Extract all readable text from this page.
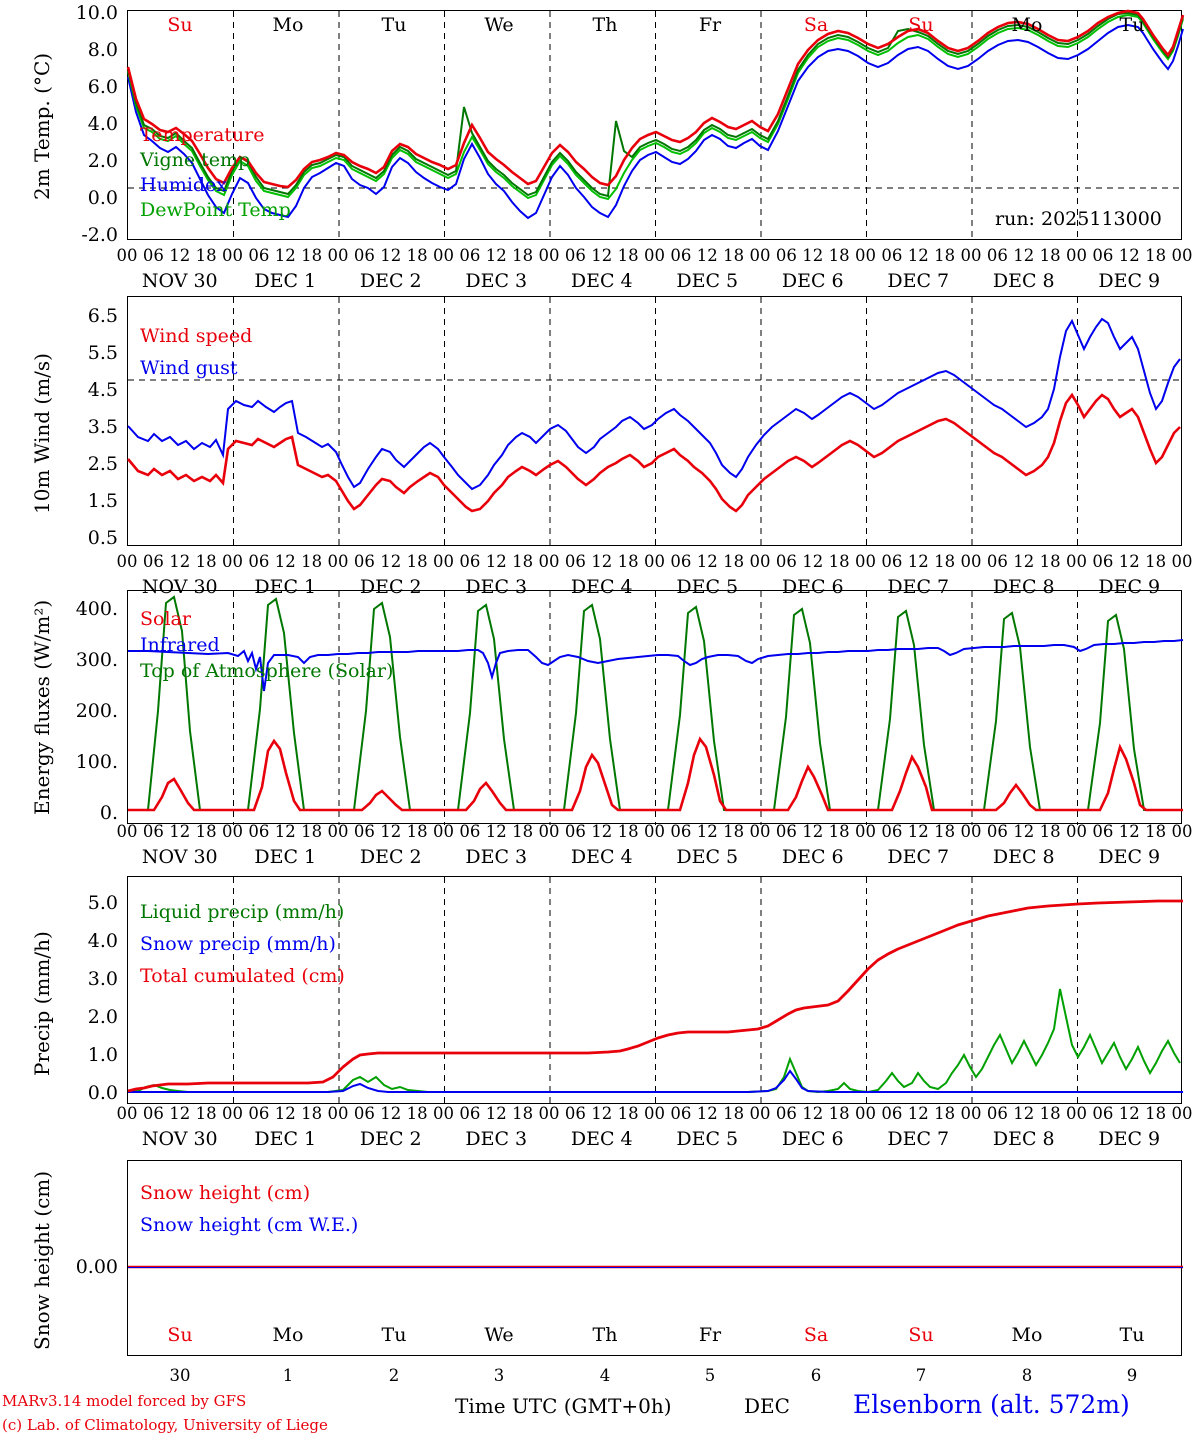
2m Temp. (°C)
10.0
8.0
6.0
4.0
2.0
0.0
-2.0
Su	Mo	Tu	We	Th	Fr	Sa	Su	Mo	Tu
Temperature
Vigne temp
Humidex
DewPoint Temp	run: 2025113000
10m Wind (m/s)
6.5
5.5
4.5
3.5
2.5
1.5
0.5
Wind speed
Wind gust
Energy fluxes (W/m²)	400.
300.
200.
100.
0.
Solar
Infrared
Top of Atmosphere (Solar)
Precip (mm/h)
5.0
4.0
3.0
2.0
1.0
0.0
Liquid precip (mm/h)
Snow precip (mm/h)
Total cumulated (cm)
Snow height (cm)	0.00
Snow height (cm)
Snow height (cm W.E.)
Su	Mo	Tu	We	Th	Fr	Sa	Su	Mo	Tu
30	1	2	3	4	5	6	7	8	9
Time UTC (GMT+0h)	DEC	Elsenborn (alt. 572m)
MARv3.14 model forced by GFS
(c) Lab. of Climatology, University of Liege
00 06 12 18 00 06 12 18 00 06 12 18 00 06 12 18 00 06 12 18 00 06 12 18 00 06 12 18 00 06 12 18 00 06 12 18 00 06 12 18 00
NOV 30	DEC 1	DEC 2	DEC 3	DEC 4	DEC 5	DEC 6	DEC 7	DEC 8	DEC 9
00 06 12 18 00 06 12 18 00 06 12 18 00 06 12 18 00 06 12 18 00 06 12 18 00 06 12 18 00 06 12 18 00 06 12 18 00 06 12 18 00
NOV 30	DEC 1	DEC 2	DEC 3	DEC 4	DEC 5	DEC 6	DEC 7	DEC 8	DEC 9
00 06 12 18 00 06 12 18 00 06 12 18 00 06 12 18 00 06 12 18 00 06 12 18 00 06 12 18 00 06 12 18 00 06 12 18 00 06 12 18 00
NOV 30	DEC 1	DEC 2	DEC 3	DEC 4	DEC 5	DEC 6	DEC 7	DEC 8	DEC 9
00 06 12 18 00 06 12 18 00 06 12 18 00 06 12 18 00 06 12 18 00 06 12 18 00 06 12 18 00 06 12 18 00 06 12 18 00 06 12 18 00
NOV 30	DEC 1	DEC 2	DEC 3	DEC 4	DEC 5	DEC 6	DEC 7	DEC 8	DEC 9
